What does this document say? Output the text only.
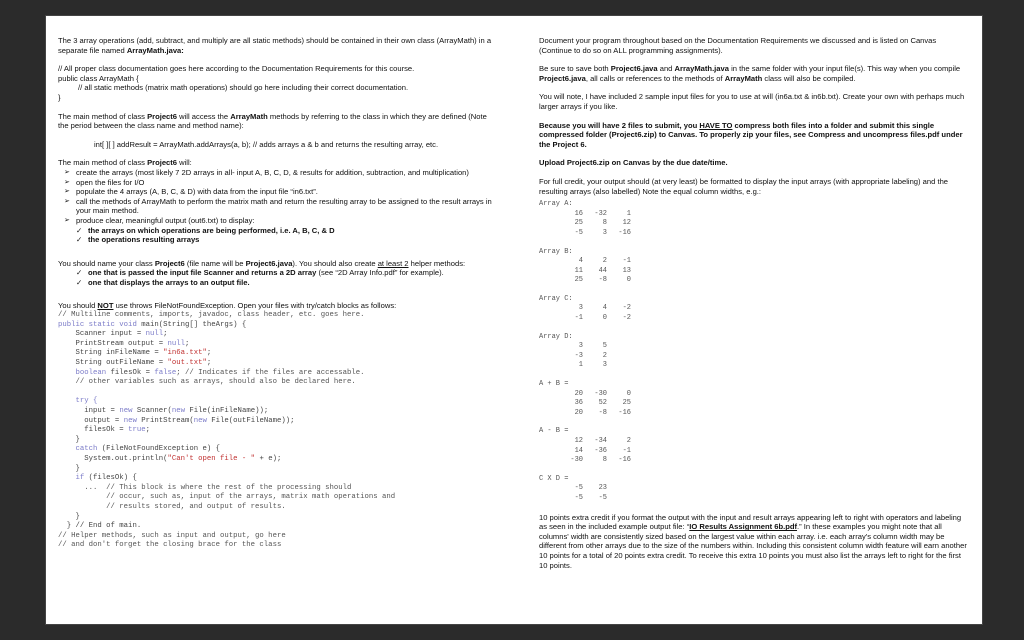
The 3 array operations (add, subtract, and multiply are all static methods) should be contained in their own class (ArrayMath) in a separate file named ArrayMath.java:

// All proper class documentation goes here according to the Documentation Requirements for this course.
public class ArrayMath {
// all static methods (matrix math operations) should go here including their correct documentation.
}

The main method of class Project6 will access the ArrayMath methods by referring to the class in which they are defined (Note the period between the class name and method name):

int[ ][ ] addResult = ArrayMath.addArrays(a, b); // adds arrays a & b and returns the resulting array, etc.

The main method of class Project6 will:
➢ create the arrays (most likely 7 2D arrays in all- input A, B, C, D, & results for addition, subtraction, and multiplication)
➢ open the files for I/O
➢ populate the 4 arrays (A, B, C, & D) with data from the input file “in6.txt”.
➢ call the methods of ArrayMath to perform the matrix math and return the resulting array to be assigned to the result arrays in your main method.
➢ produce clear, meaningful output (out6.txt) to display:
✓ the arrays on which operations are being performed, i.e. A, B, C, & D
✓ the operations resulting arrays
You should name your class Project6 (file name will be Project6.java). You should also create at least 2 helper methods:
✓ one that is passed the input file Scanner and returns a 2D array (see “2D Array Info.pdf” for example).
✓ one that displays the arrays to an output file.
You should NOT use throws FileNotFoundException. Open your files with try/catch blocks as follows:
// Multiline comments, imports, javadoc, class header, etc. goes here.
public static void main(String[] theArgs) {
Scanner input = null;
PrintStream output = null;
String inFileName = "in6a.txt";
String outFileName = "out.txt";
boolean filesOk = false; // Indicates if the files are accessable.
// other variables such as arrays, should also be declared here.

try {
input = new Scanner(new File(inFileName));
output = new PrintStream(new File(outFileName));
filesOk = true;
}
catch (FileNotFoundException e) {
System.out.println("Can't open file - " + e);
}
if (filesOk) {
...  // This block is where the rest of the processing should
// occur, such as, input of the arrays, matrix math operations and
// results stored, and output of results.
}
} // End of main.
// Helper methods, such as input and output, go here
// and don't forget the closing brace for the class

Document your program throughout based on the Documentation Requirements we discussed and is listed on Canvas (Continue to do so on ALL programming assignments).

Be sure to save both Project6.java and ArrayMath.java in the same folder with your input file(s). This way when you compile Project6.java, all calls or references to the methods of ArrayMath class will also be compiled.

You will note, I have included 2 sample input files for you to use at will (in6a.txt & in6b.txt). Create your own with perhaps much larger arrays if you like.

Because you will have 2 files to submit, you HAVE TO compress both files into a folder and submit this single compressed folder (Project6.zip) to Canvas. To properly zip your files, see Compress and uncompress files.pdf under the Project 6.

Upload Project6.zip on Canvas by the due date/time.

For full credit, your output should (at very least) be formatted to display the input arrays (with appropriate labeling) and the resulting arrays (also labelled) Note the equal column widths, e.g.:

Array A:
16	-32	1
25	8	12
-5	3	-16
Array B:
4	2	-1
11	44	13
25	-8	0
Array C:
3	4	-2
-1	0	-2
Array D:
3	5
-3	2
1	3
A + B =
20	-30	0
36	52	25
20	-8	-16
A - B =
12	-34	2
14	-36	-1
-30	8	-16
C X D =
-5	23
-5	-5

10 points extra credit if you format the output with the input and result arrays appearing left to right with operators and labeling as seen in the included example output file: “IO Results Assignment 6b.pdf.” In these examples you might note that all columns' width are consistently sized based on the largest value within each array. i.e. each array's column width may be different from other arrays due to the size of the numbers within. Including this consistent column width feature will earn another 10 points for a total of 20 points extra credit. To receive this extra 10 points you must also list the arrays left to right for the first 10 points.
